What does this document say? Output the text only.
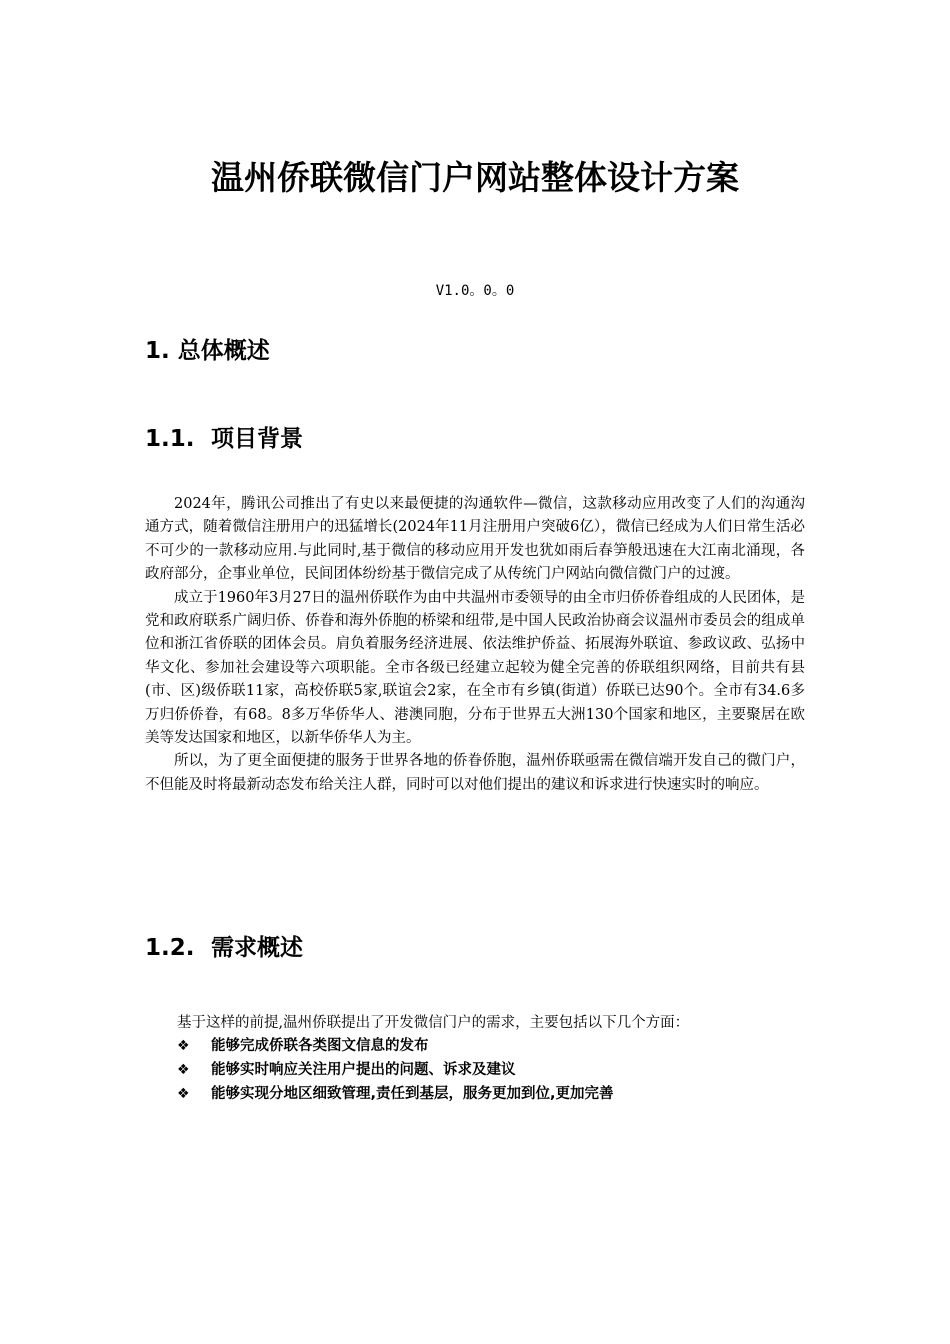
温州侨联微信门户网站整体设计方案
V1.0。0。0
1. 总体概述
1.1. 项目背景

2024年，腾讯公司推出了有史以来最便捷的沟通软件—微信，这款移动应用改变了人们的沟通沟通方式，随着微信注册用户的迅猛增长(2024年11月注册用户突破6亿），微信已经成为人们日常生活必不可少的一款移动应用.与此同时,基于微信的移动应用开发也犹如雨后春笋般迅速在大江南北涌现，各政府部分，企事业单位，民间团体纷纷基于微信完成了从传统门户网站向微信微门户的过渡。

成立于1960年3月27日的温州侨联作为由中共温州市委领导的由全市归侨侨眷组成的人民团体，是党和政府联系广阔归侨、侨眷和海外侨胞的桥梁和纽带,是中国人民政治协商会议温州市委员会的组成单位和浙江省侨联的团体会员。肩负着服务经济进展、依法维护侨益、拓展海外联谊、参政议政、弘扬中华文化、参加社会建设等六项职能。全市各级已经建立起较为健全完善的侨联组织网络，目前共有县(市、区)级侨联11家，高校侨联5家,联谊会2家，在全市有乡镇(街道）侨联已达90个。全市有34.6多万归侨侨眷，有68。8多万华侨华人、港澳同胞，分布于世界五大洲130个国家和地区，主要聚居在欧美等发达国家和地区，以新华侨华人为主。

所以，为了更全面便捷的服务于世界各地的侨眷侨胞，温州侨联亟需在微信端开发自己的微门户，不但能及时将最新动态发布给关注人群，同时可以对他们提出的建议和诉求进行快速实时的响应。

1.2. 需求概述
基于这样的前提,温州侨联提出了开发微信门户的需求，主要包括以下几个方面：
❖ 能够完成侨联各类图文信息的发布
❖ 能够实时响应关注用户提出的问题、诉求及建议
❖ 能够实现分地区细致管理,责任到基层，服务更加到位,更加完善
